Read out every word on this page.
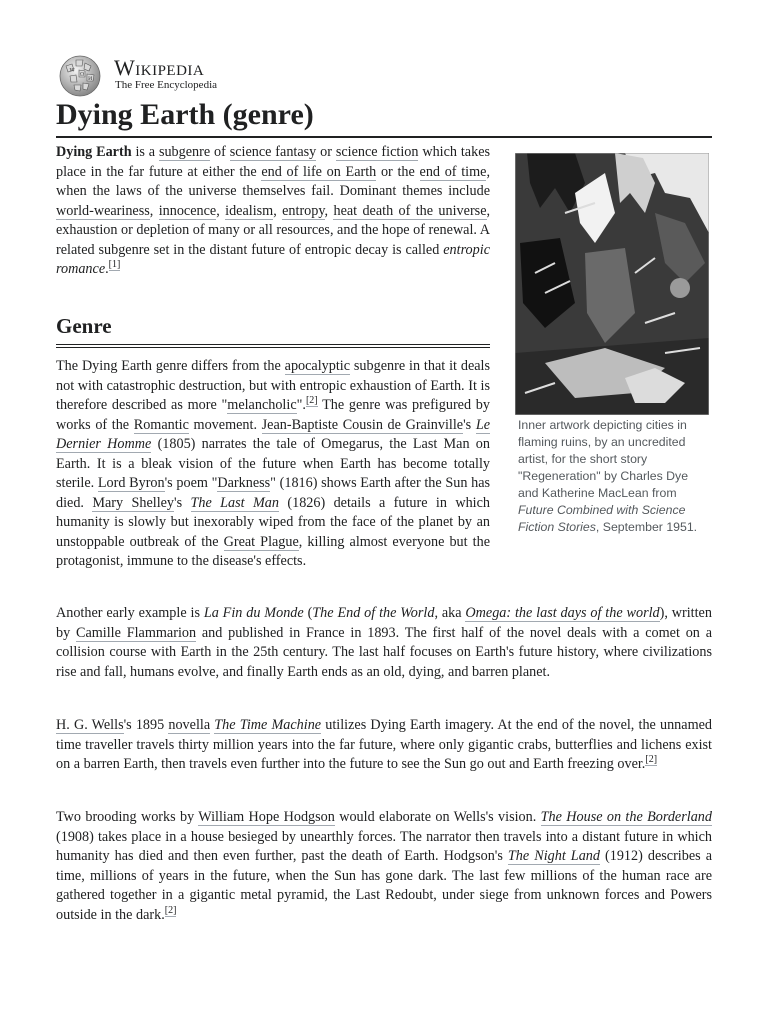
W
Ω
И Wikipedia
The Free Encyclopedia
Dying Earth (genre)

Dying Earth is a subgenre of science fantasy or science fiction which takes place in the far future at either the end of life on Earth or the end of time, when the laws of the universe themselves fail. Dominant themes include world-weariness, innocence, idealism, entropy, heat death of the universe, exhaustion or depletion of many or all resources, and the hope of renewal. A related subgenre set in the distant future of entropic decay is called entropic romance.[1]

Genre

The Dying Earth genre differs from the apocalyptic subgenre in that it deals not with catastrophic destruction, but with entropic exhaustion of Earth. It is therefore described as more "melancholic".[2] The genre was prefigured by works of the Romantic movement. Jean-Baptiste Cousin de Grainville's Le Dernier Homme (1805) narrates the tale of Omegarus, the Last Man on Earth. It is a bleak vision of the future when Earth has become totally sterile. Lord Byron's poem "Darkness" (1816) shows Earth after the Sun has died. Mary Shelley's The Last Man (1826) details a future in which humanity is slowly but inexorably wiped from the face of the planet by an unstoppable outbreak of the Great Plague, killing almost everyone but the protagonist, immune to the disease's effects.

Inner artwork depicting cities in flaming ruins, by an uncredited artist, for the short story "Regeneration" by Charles Dye and Katherine MacLean from Future Combined with Science Fiction Stories, September 1951.

Another early example is La Fin du Monde (The End of the World, aka Omega: the last days of the world), written by Camille Flammarion and published in France in 1893. The first half of the novel deals with a comet on a collision course with Earth in the 25th century. The last half focuses on Earth's future history, where civilizations rise and fall, humans evolve, and finally Earth ends as an old, dying, and barren planet.

H. G. Wells's 1895 novella The Time Machine utilizes Dying Earth imagery. At the end of the novel, the unnamed time traveller travels thirty million years into the far future, where only gigantic crabs, butterflies and lichens exist on a barren Earth, then travels even further into the future to see the Sun go out and Earth freezing over.[2]

Two brooding works by William Hope Hodgson would elaborate on Wells's vision. The House on the Borderland (1908) takes place in a house besieged by unearthly forces. The narrator then travels into a distant future in which humanity has died and then even further, past the death of Earth. Hodgson's The Night Land (1912) describes a time, millions of years in the future, when the Sun has gone dark. The last few millions of the human race are gathered together in a gigantic metal pyramid, the Last Redoubt, under siege from unknown forces and Powers outside in the dark.[2]
